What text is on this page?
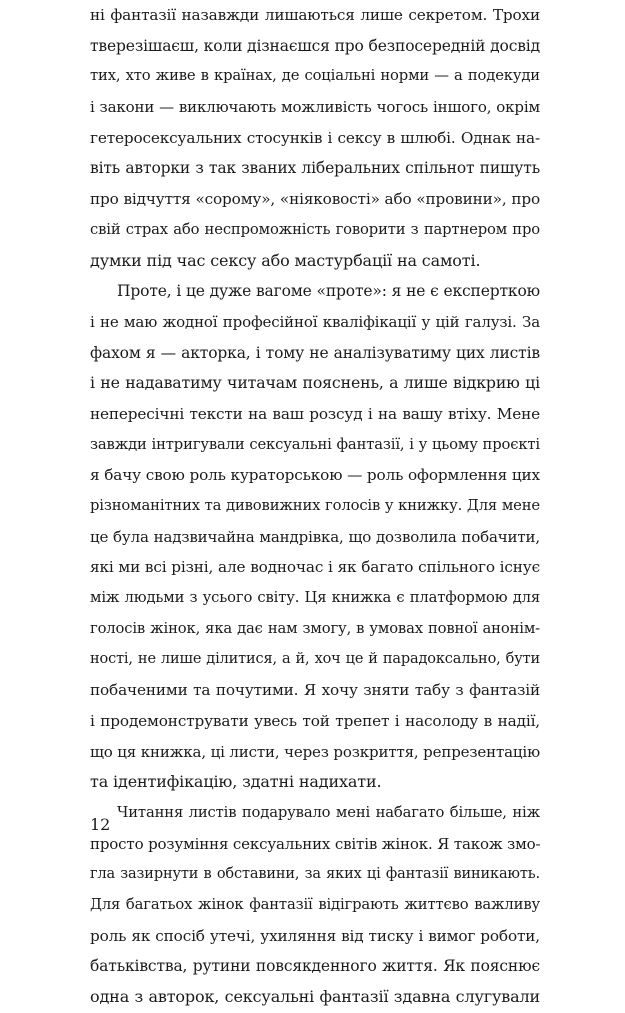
ні фантазії назавжди лишаються лише секретом. Трохи
тверезішаєш, коли дізнаєшся про безпосередній досвід
тих, хто живе в країнах, де соціальні норми — а подекуди
і закони — виключають можливість чогось іншого, окрім
гетеросексуальних стосунків і сексу в шлюбі. Однак на-
віть авторки з так званих ліберальних спільнот пишуть
про відчуття «сорому», «ніяковості» або «провини», про
свій страх або неспроможність говорити з партнером про
думки під час сексу або мастурбації на самоті.
Проте, і це дуже вагоме «проте»: я не є експерткою
і не маю жодної професійної кваліфікації у цій галузі. За
фахом я — акторка, і тому не аналізуватиму цих листів
і не надаватиму читачам пояснень, а лише відкрию ці
непересічні тексти на ваш розсуд і на вашу втіху. Мене
завжди інтригували сексуальні фантазії, і у цьому проєкті
я бачу свою роль кураторською — роль оформлення цих
різноманітних та дивовижних голосів у книжку. Для мене
це була надзвичайна мандрівка, що дозволила побачити,
які ми всі різні, але водночас і як багато спільного існує
між людьми з усього світу. Ця книжка є платформою для
голосів жінок, яка дає нам змогу, в умовах повної анонім-
ності, не лише ділитися, а й, хоч це й парадоксально, бути
побаченими та почутими. Я хочу зняти табу з фантазій
і продемонструвати увесь той трепет і насолоду в надії,
що ця книжка, ці листи, через розкриття, репрезентацію
та ідентифікацію, здатні надихати.
Читання листів подарувало мені набагато більше, ніж
просто розуміння сексуальних світів жінок. Я також змо-
гла зазирнути в обставини, за яких ці фантазії виникають.
Для багатьох жінок фантазії відіграють життєво важливу
роль як спосіб утечі, ухиляння від тиску і вимог роботи,
батьківства, рутини повсякденного життя. Як пояснює
одна з авторок, сексуальні фантазії здавна слугували
12
